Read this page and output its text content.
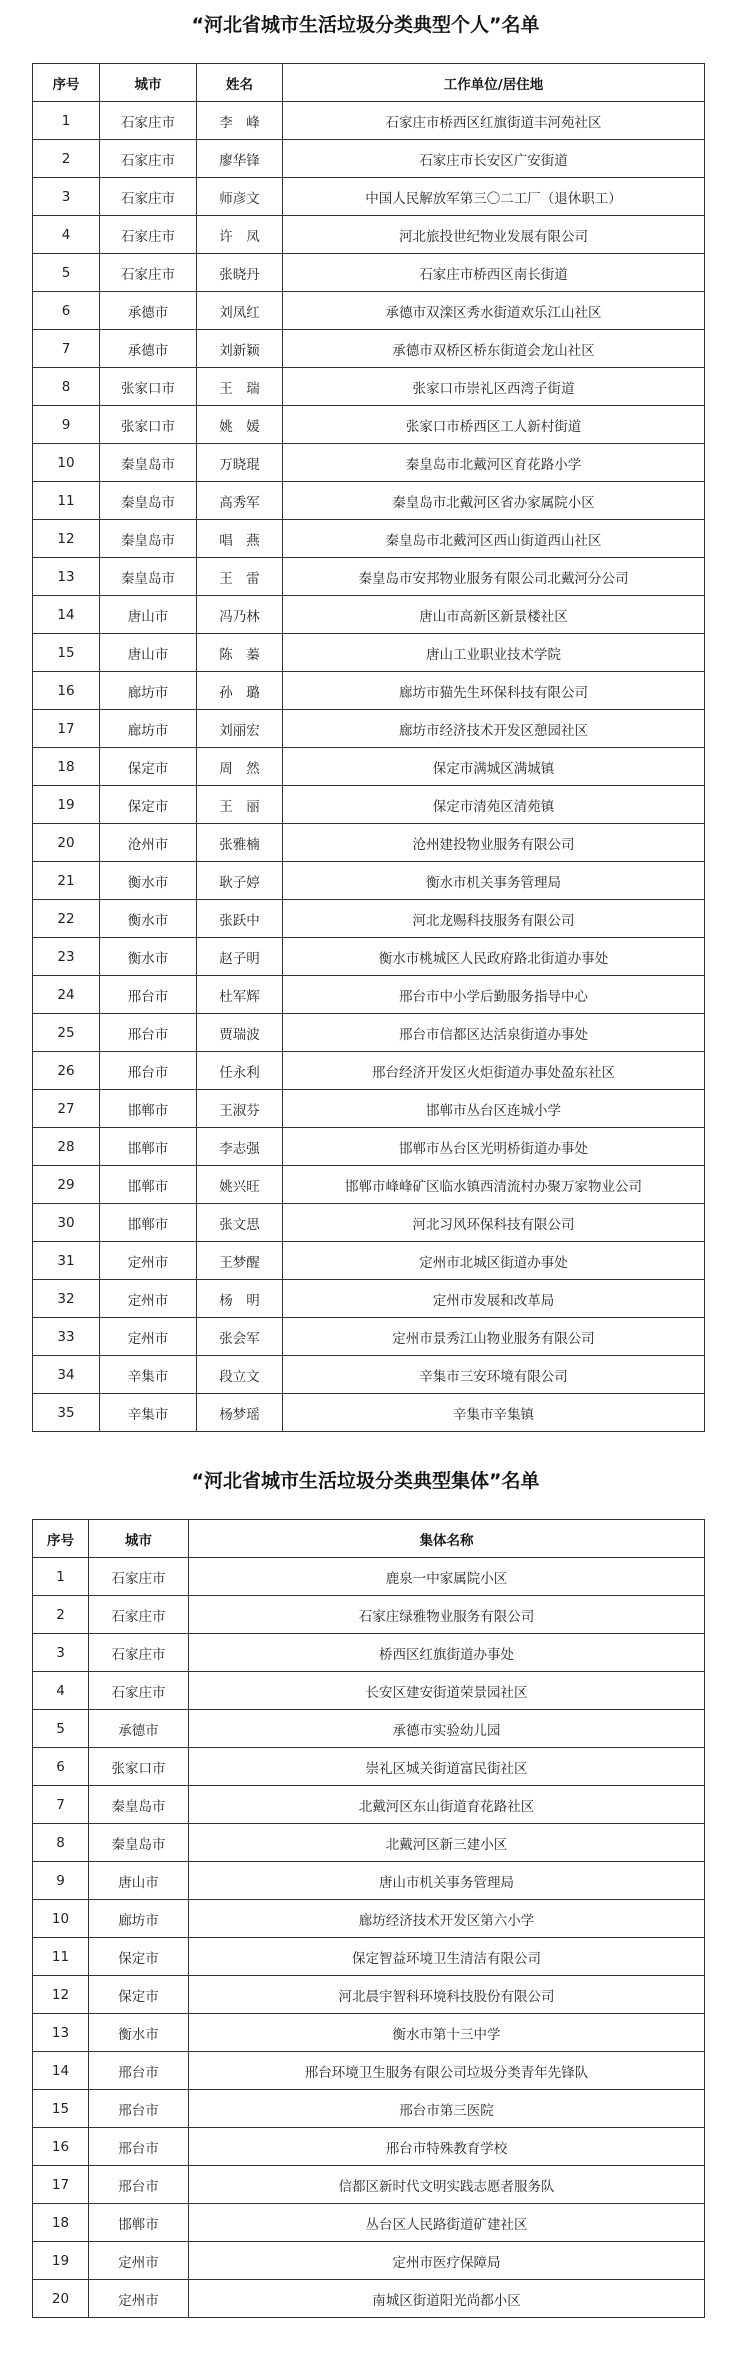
“河北省城市生活垃圾分类典型个人”名单
序号	城市	姓名	工作单位/居住地
1	石家庄市	李　峰	石家庄市桥西区红旗街道丰河苑社区
2	石家庄市	廖华锋	石家庄市长安区广安街道
3	石家庄市	师彦文	中国人民解放军第三〇二工厂（退休职工）
4	石家庄市	许　凤	河北旅投世纪物业发展有限公司
5	石家庄市	张晓丹	石家庄市桥西区南长街道
6	承德市	刘凤红	承德市双滦区秀水街道欢乐江山社区
7	承德市	刘新颖	承德市双桥区桥东街道会龙山社区
8	张家口市	王　瑞	张家口市崇礼区西湾子街道
9	张家口市	姚　媛	张家口市桥西区工人新村街道
10	秦皇岛市	万晓琨	秦皇岛市北戴河区育花路小学
11	秦皇岛市	高秀军	秦皇岛市北戴河区省办家属院小区
12	秦皇岛市	唱　燕	秦皇岛市北戴河区西山街道西山社区
13	秦皇岛市	王　雷	秦皇岛市安邦物业服务有限公司北戴河分公司
14	唐山市	冯乃林	唐山市高新区新景楼社区
15	唐山市	陈　蓁	唐山工业职业技术学院
16	廊坊市	孙　璐	廊坊市猫先生环保科技有限公司
17	廊坊市	刘丽宏	廊坊市经济技术开发区憩园社区
18	保定市	周　然	保定市满城区满城镇
19	保定市	王　丽	保定市清苑区清苑镇
20	沧州市	张雅楠	沧州建投物业服务有限公司
21	衡水市	耿子婷	衡水市机关事务管理局
22	衡水市	张跃中	河北龙赐科技服务有限公司
23	衡水市	赵子明	衡水市桃城区人民政府路北街道办事处
24	邢台市	杜军辉	邢台市中小学后勤服务指导中心
25	邢台市	贾瑞波	邢台市信都区达活泉街道办事处
26	邢台市	任永利	邢台经济开发区火炬街道办事处盈东社区
27	邯郸市	王淑芬	邯郸市丛台区连城小学
28	邯郸市	李志强	邯郸市丛台区光明桥街道办事处
29	邯郸市	姚兴旺	邯郸市峰峰矿区临水镇西清流村办聚万家物业公司
30	邯郸市	张文思	河北习风环保科技有限公司
31	定州市	王梦醒	定州市北城区街道办事处
32	定州市	杨　明	定州市发展和改革局
33	定州市	张会军	定州市景秀江山物业服务有限公司
34	辛集市	段立文	辛集市三安环境有限公司
35	辛集市	杨梦瑶	辛集市辛集镇
“河北省城市生活垃圾分类典型集体”名单
序号	城市	集体名称
1	石家庄市	鹿泉一中家属院小区
2	石家庄市	石家庄绿雅物业服务有限公司
3	石家庄市	桥西区红旗街道办事处
4	石家庄市	长安区建安街道荣景园社区
5	承德市	承德市实验幼儿园
6	张家口市	崇礼区城关街道富民街社区
7	秦皇岛市	北戴河区东山街道育花路社区
8	秦皇岛市	北戴河区新三建小区
9	唐山市	唐山市机关事务管理局
10	廊坊市	廊坊经济技术开发区第六小学
11	保定市	保定智益环境卫生清洁有限公司
12	保定市	河北晨宇智科环境科技股份有限公司
13	衡水市	衡水市第十三中学
14	邢台市	邢台环境卫生服务有限公司垃圾分类青年先锋队
15	邢台市	邢台市第三医院
16	邢台市	邢台市特殊教育学校
17	邢台市	信都区新时代文明实践志愿者服务队
18	邯郸市	丛台区人民路街道矿建社区
19	定州市	定州市医疗保障局
20	定州市	南城区街道阳光尚都小区
